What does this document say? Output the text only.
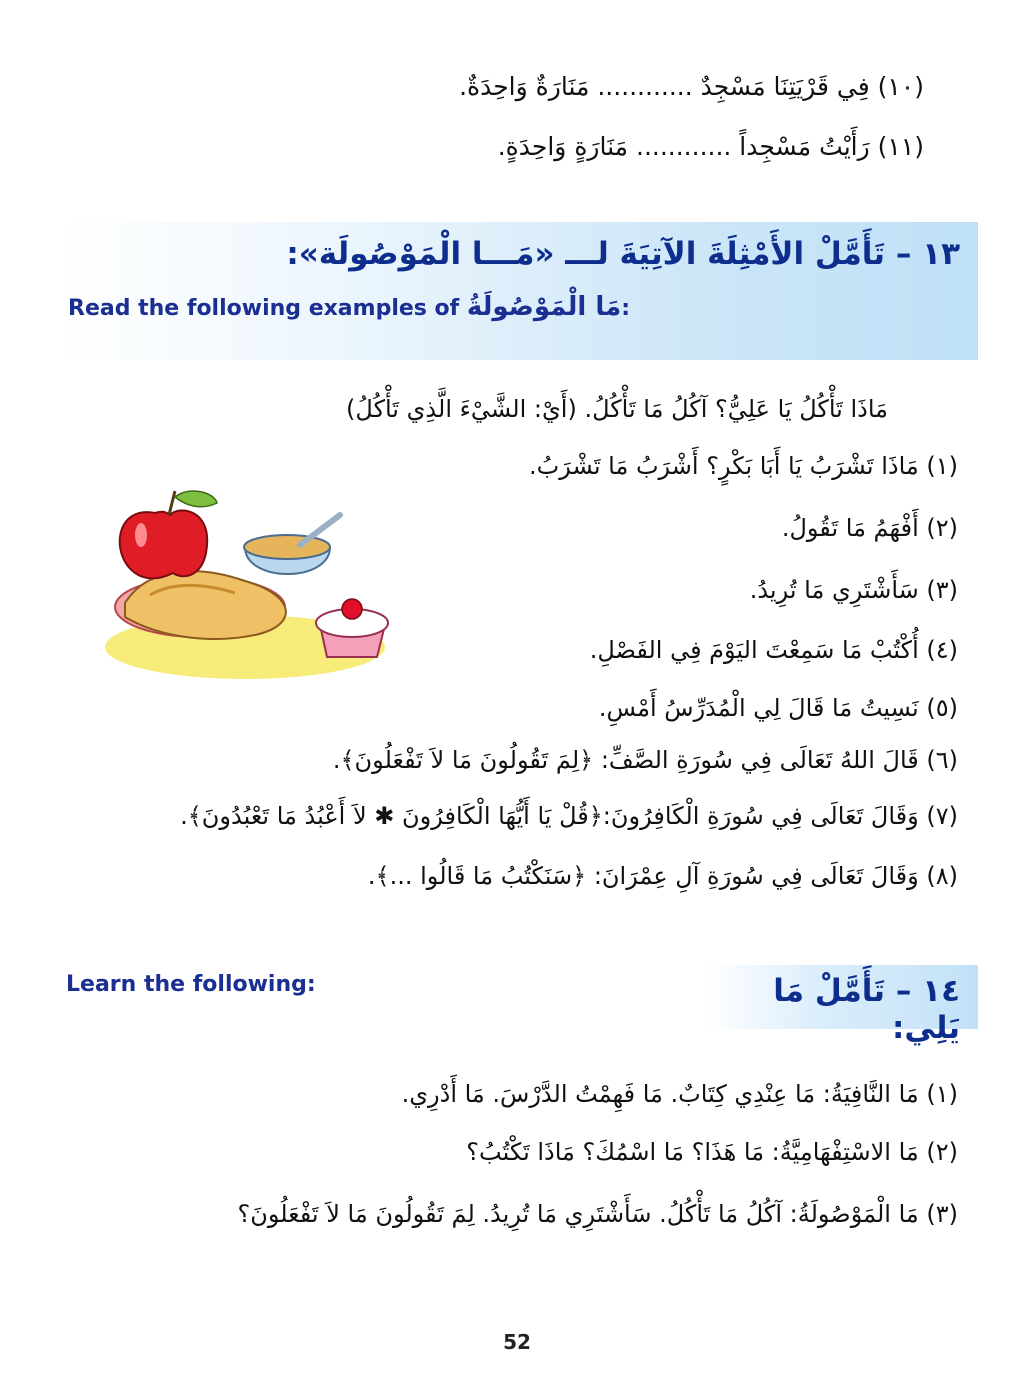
(١٠) فِي قَرْيَتِنَا مَسْجِدٌ ............ مَنَارَةٌ وَاحِدَةٌ.
(١١) رَأَيْتُ مَسْجِداً ............ مَنَارَةٍ وَاحِدَةٍ.
١٣ – تَأَمَّلْ الأَمْثِلَةَ الآتِيَةَ لـــ «مَـــا الْمَوْصُولَة»:
Read the following examples of مَا الْمَوْصُولَةُ:
مَاذَا تَأْكُلُ يَا عَلِيُّ؟ آكُلُ مَا تَأْكُلُ. (أَيْ: الشَّيْءَ الَّذِي تَأْكُلُ)
(١) مَاذَا تَشْرَبُ يَا أَبَا بَكْرٍ؟ أَشْرَبُ مَا تَشْرَبُ.
(٢) أَفْهَمُ مَا تَقُولُ.
(٣) سَأَشْتَرِي مَا تُرِيدُ.
(٤) أُكْتُبْ مَا سَمِعْتَ اليَوْمَ فِي الفَصْلِ.
(٥) نَسِيتُ مَا قَالَ لِي الْمُدَرِّسُ أَمْسِ.
(٦) قَالَ اللهُ تَعَالَى فِي سُورَةِ الصَّفِّ: ﴿لِمَ تَقُولُونَ مَا لاَ تَفْعَلُونَ﴾.
(٧) وَقَالَ تَعَالَى فِي سُورَةِ الْكَافِرُونَ:﴿قُلْ يَا أَيُّهَا الْكَافِرُونَ ✱ لاَ أَعْبُدُ مَا تَعْبُدُونَ﴾.
(٨) وَقَالَ تَعَالَى فِي سُورَةِ آلِ عِمْرَانَ: ﴿سَنَكْتُبُ مَا قَالُوا ...﴾.
Learn the following:	١٤ – تَأَمَّلْ مَا يَلِي:
(١) مَا النَّافِيَةُ: مَا عِنْدِي كِتَابٌ. مَا فَهِمْتُ الدَّرْسَ. مَا أَدْرِي.
(٢) مَا الاسْتِفْهَامِيَّةُ: مَا هَذَا؟ مَا اسْمُكَ؟ مَاذَا تَكْتُبُ؟
(٣) مَا الْمَوْصُولَةُ: آكُلُ مَا تَأْكُلُ. سَأَشْتَرِي مَا تُرِيدُ. لِمَ تَقُولُونَ مَا لاَ تَفْعَلُونَ؟
52
